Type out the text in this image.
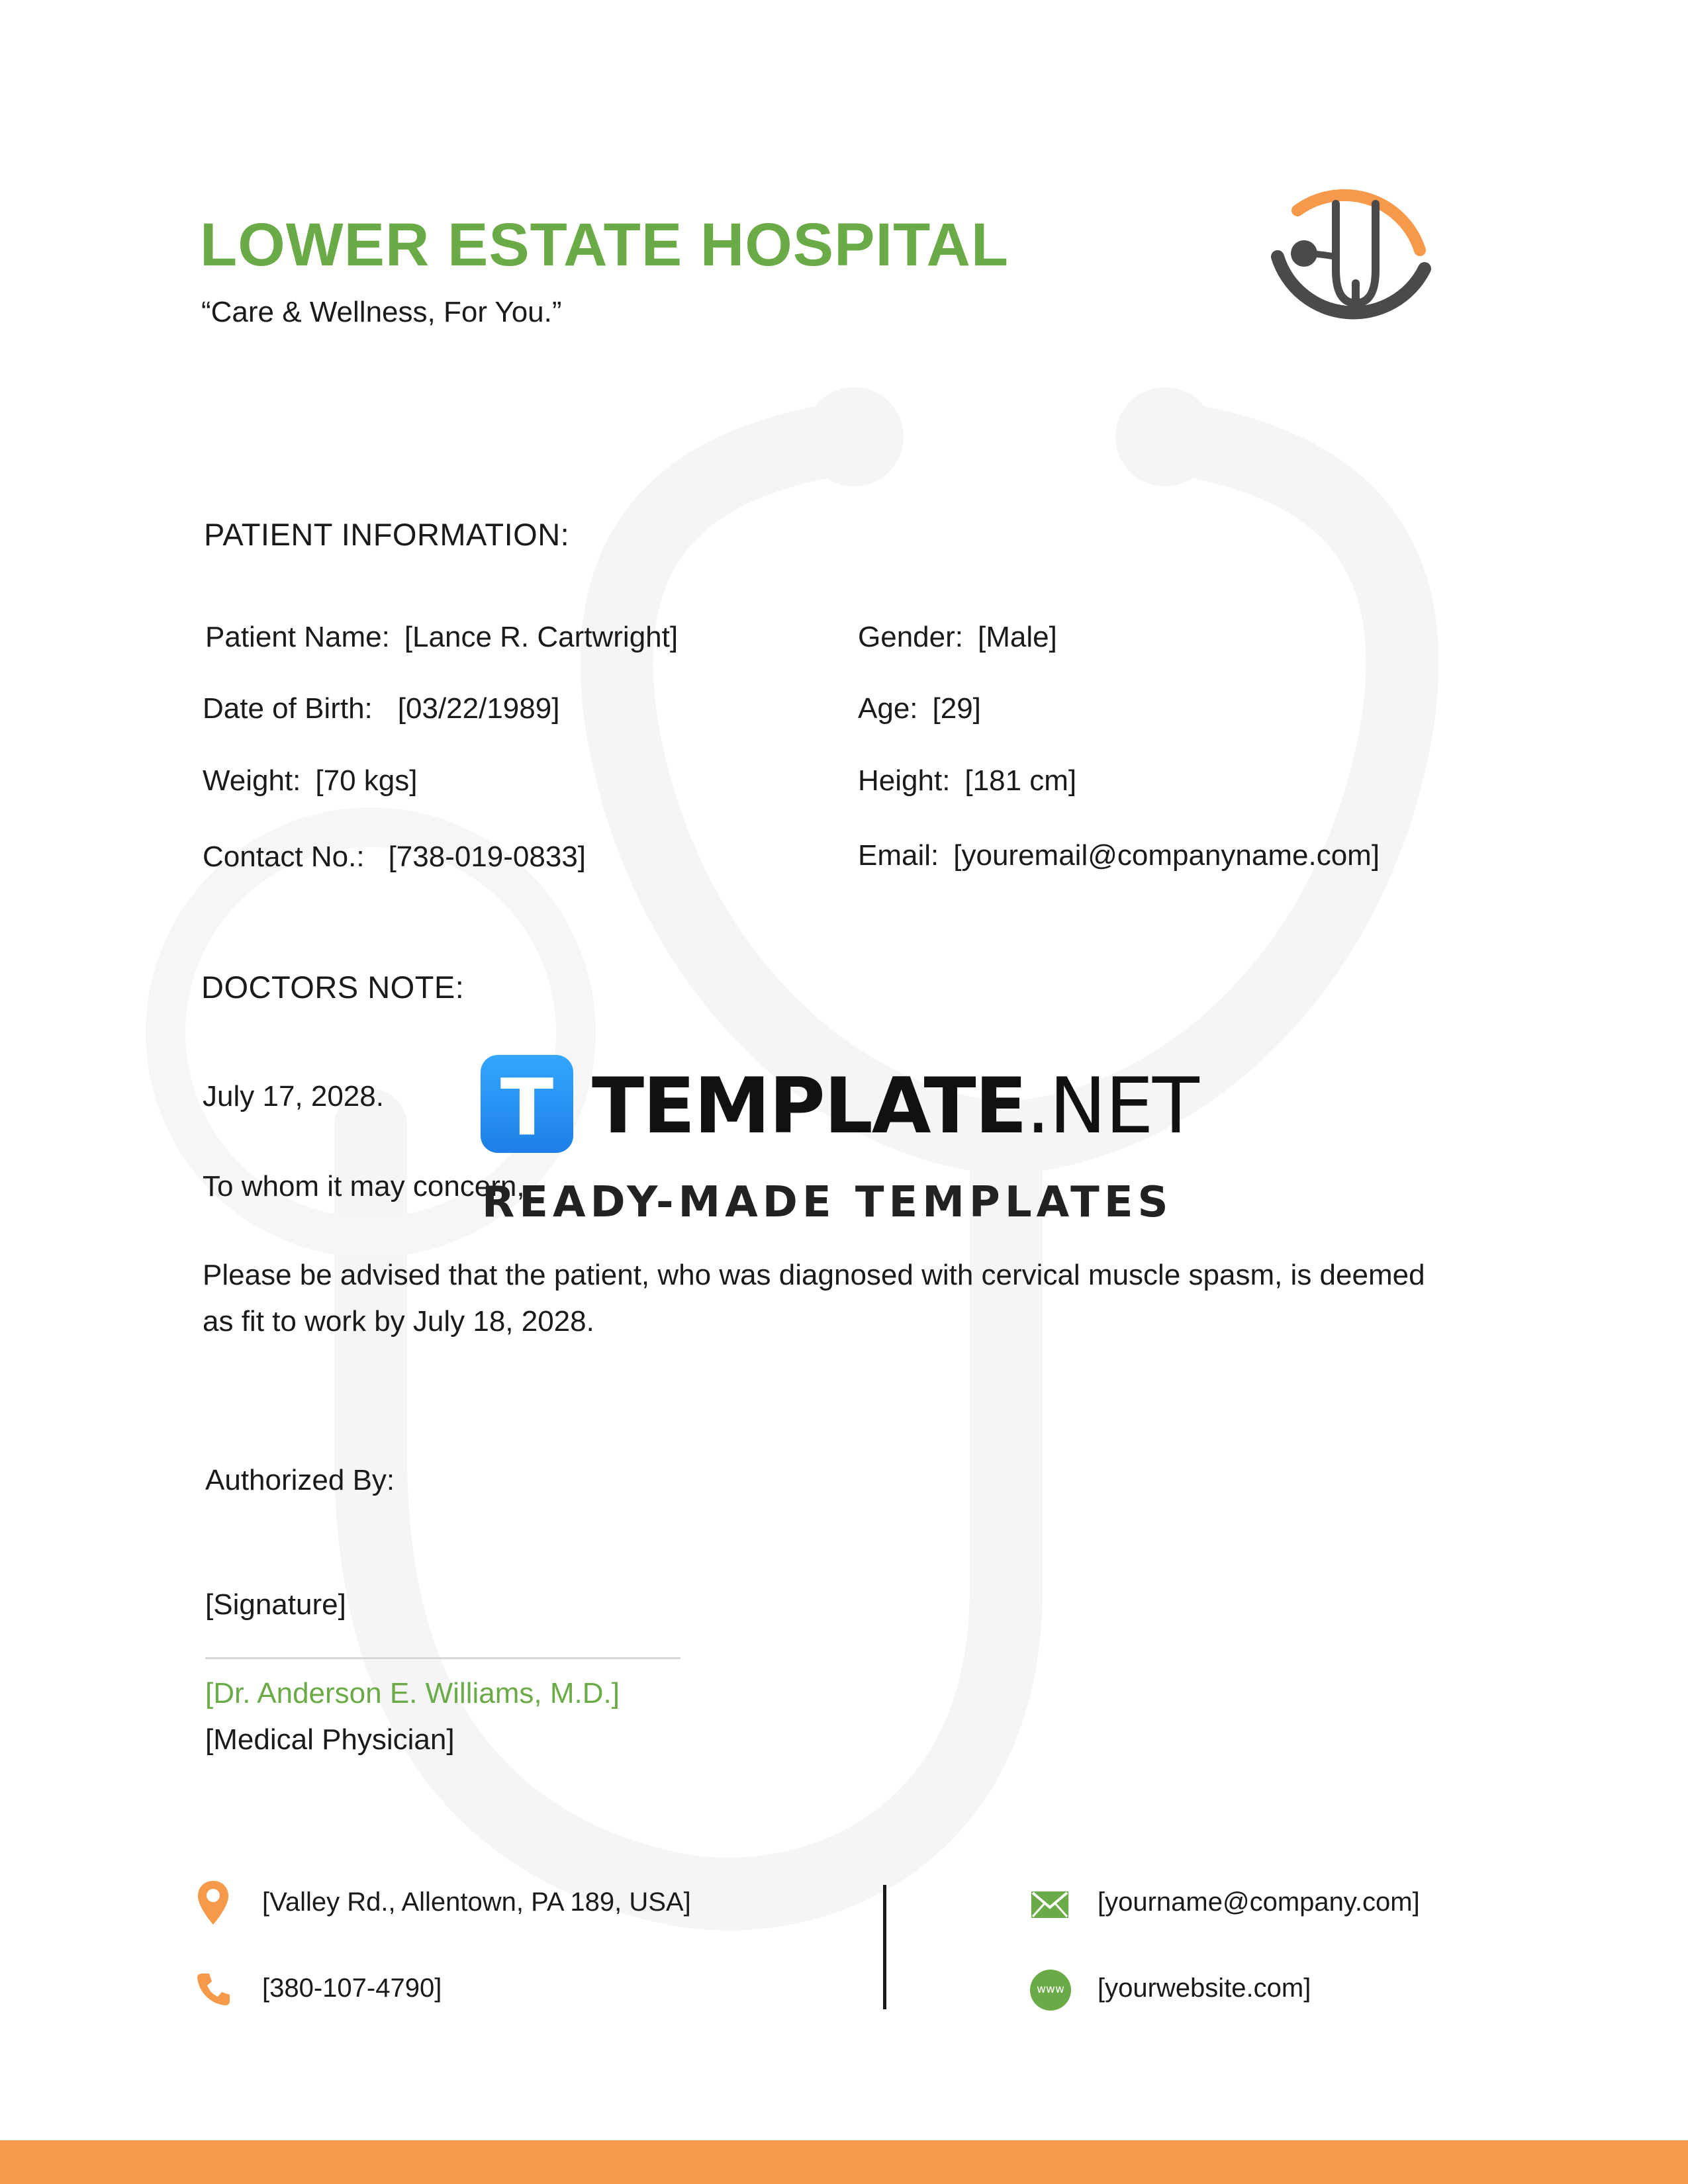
LOWER ESTATE HOSPITAL
“Care & Wellness, For You.”
PATIENT INFORMATION:
Patient Name: [Lance R. Cartwright]	Gender: [Male]
Date of Birth: [03/22/1989]	Age: [29]
Weight: [70 kgs]	Height: [181 cm]
Contact No.: [738-019-0833]	Email: [youremail@companyname.com]
DOCTORS NOTE:
July 17, 2028.
To whom it may concern,
Please be advised that the patient, who was diagnosed with cervical muscle spasm, is deemed
as fit to work by July 18, 2028.
Authorized By:
[Signature]
[Dr. Anderson E. Williams, M.D.]
[Medical Physician]
[Valley Rd., Allentown, PA 189, USA]
[380-107-4790]
[yourname@company.com]
www [yourwebsite.com]
T TEMPLATE.NET
READY-MADE TEMPLATES
